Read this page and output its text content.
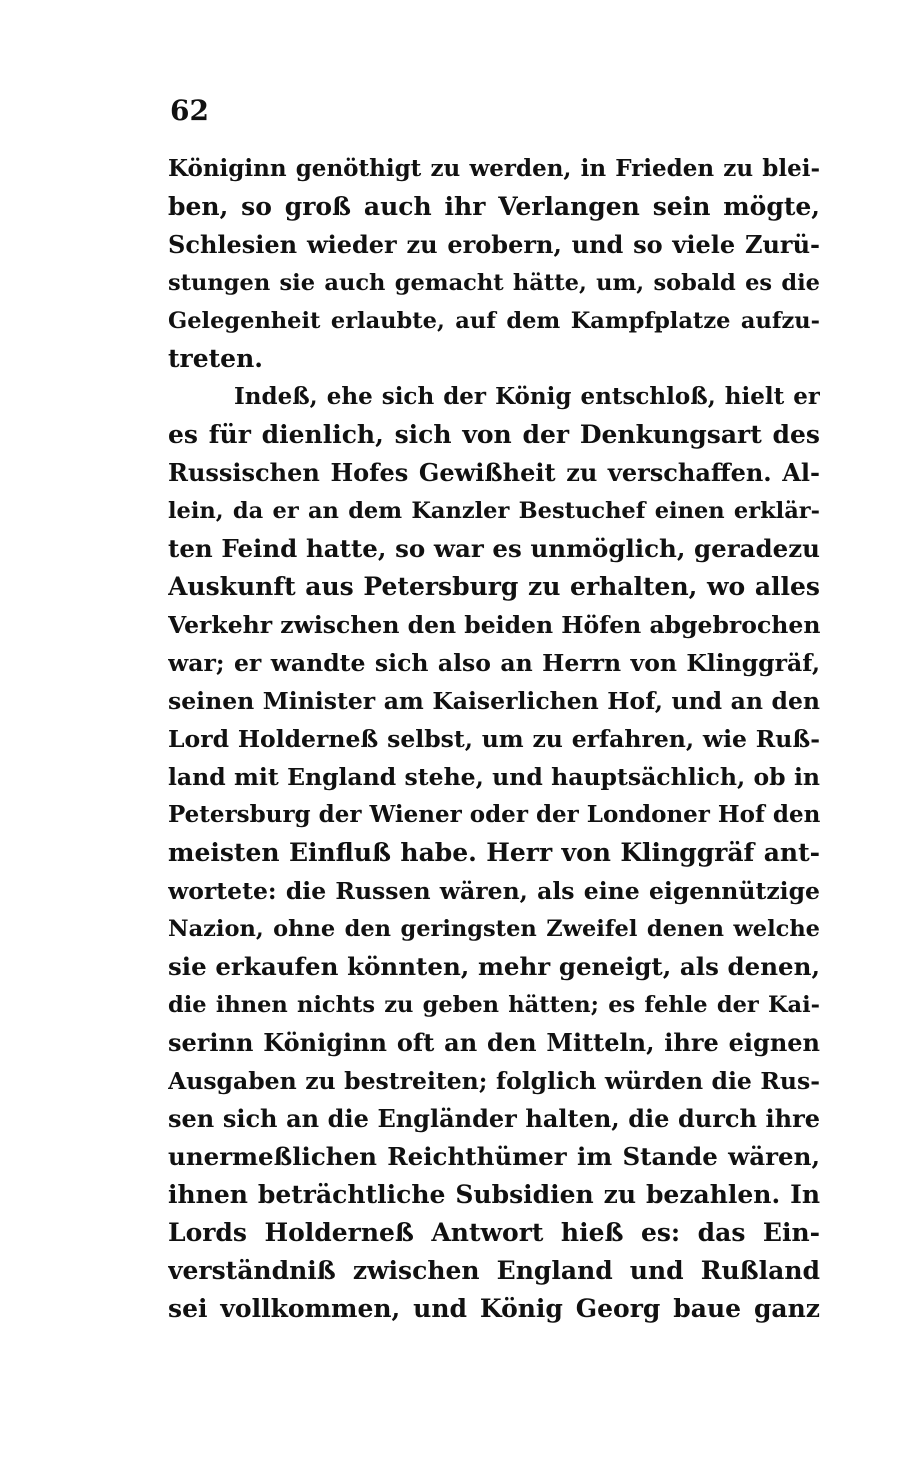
62
Königinn genöthigt zu werden, in Frieden zu blei-
ben, so groß auch ihr Verlangen sein mögte,
Schlesien wieder zu erobern, und so viele Zurü-
stungen sie auch gemacht hätte, um, sobald es die
Gelegenheit erlaubte, auf dem Kampfplatze aufzu-
treten.
Indeß, ehe sich der König entschloß, hielt er
es für dienlich, sich von der Denkungsart des
Russischen Hofes Gewißheit zu verschaffen. Al-
lein, da er an dem Kanzler Bestuchef einen erklär-
ten Feind hatte, so war es unmöglich, geradezu
Auskunft aus Petersburg zu erhalten, wo alles
Verkehr zwischen den beiden Höfen abgebrochen
war; er wandte sich also an Herrn von Klinggräf,
seinen Minister am Kaiserlichen Hof, und an den
Lord Holderneß selbst, um zu erfahren, wie Ruß-
land mit England stehe, und hauptsächlich, ob in
Petersburg der Wiener oder der Londoner Hof den
meisten Einfluß habe. Herr von Klinggräf ant-
wortete: die Russen wären, als eine eigennützige
Nazion, ohne den geringsten Zweifel denen welche
sie erkaufen könnten, mehr geneigt, als denen,
die ihnen nichts zu geben hätten; es fehle der Kai-
serinn Königinn oft an den Mitteln, ihre eignen
Ausgaben zu bestreiten; folglich würden die Rus-
sen sich an die Engländer halten, die durch ihre
unermeßlichen Reichthümer im Stande wären,
ihnen beträchtliche Subsidien zu bezahlen. In
Lords Holderneß Antwort hieß es: das Ein-
verständniß zwischen England und Rußland
sei vollkommen, und König Georg baue ganz
